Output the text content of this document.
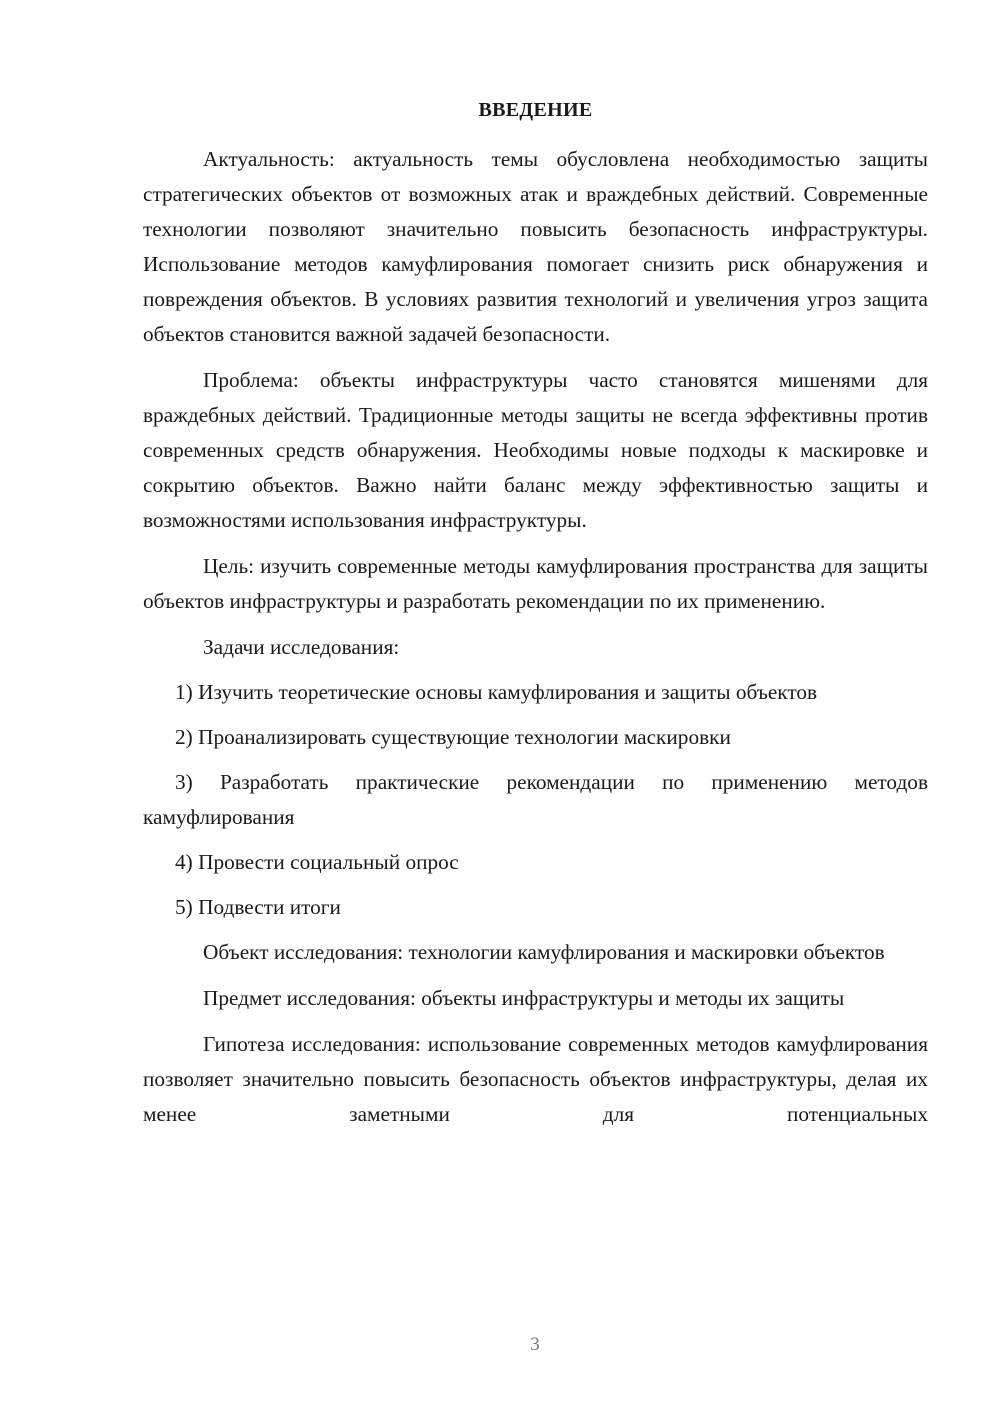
ВВЕДЕНИЕ

Актуальность: актуальность темы обусловлена необходимостью защиты стратегических объектов от возможных атак и враждебных действий. Современные технологии позволяют значительно повысить безопасность инфраструктуры. Использование методов камуфлирования помогает снизить риск обнаружения и повреждения объектов. В условиях развития технологий и увеличения угроз защита объектов становится важной задачей безопасности.

Проблема: объекты инфраструктуры часто становятся мишенями для враждебных действий. Традиционные методы защиты не всегда эффективны против современных средств обнаружения. Необходимы новые подходы к маскировке и сокрытию объектов. Важно найти баланс между эффективностью защиты и возможностями использования инфраструктуры.

Цель: изучить современные методы камуфлирования пространства для защиты объектов инфраструктуры и разработать рекомендации по их применению.

Задачи исследования:

1) Изучить теоретические основы камуфлирования и защиты объектов

2) Проанализировать существующие технологии маскировки

3) Разработать практические рекомендации по применению методов камуфлирования

4) Провести социальный опрос

5) Подвести итоги

Объект исследования: технологии камуфлирования и маскировки объектов

Предмет исследования: объекты инфраструктуры и методы их защиты

Гипотеза исследования: использование современных методов камуфлирования позволяет значительно повысить безопасность объектов инфраструктуры, делая их менее заметными для потенциальных

3
